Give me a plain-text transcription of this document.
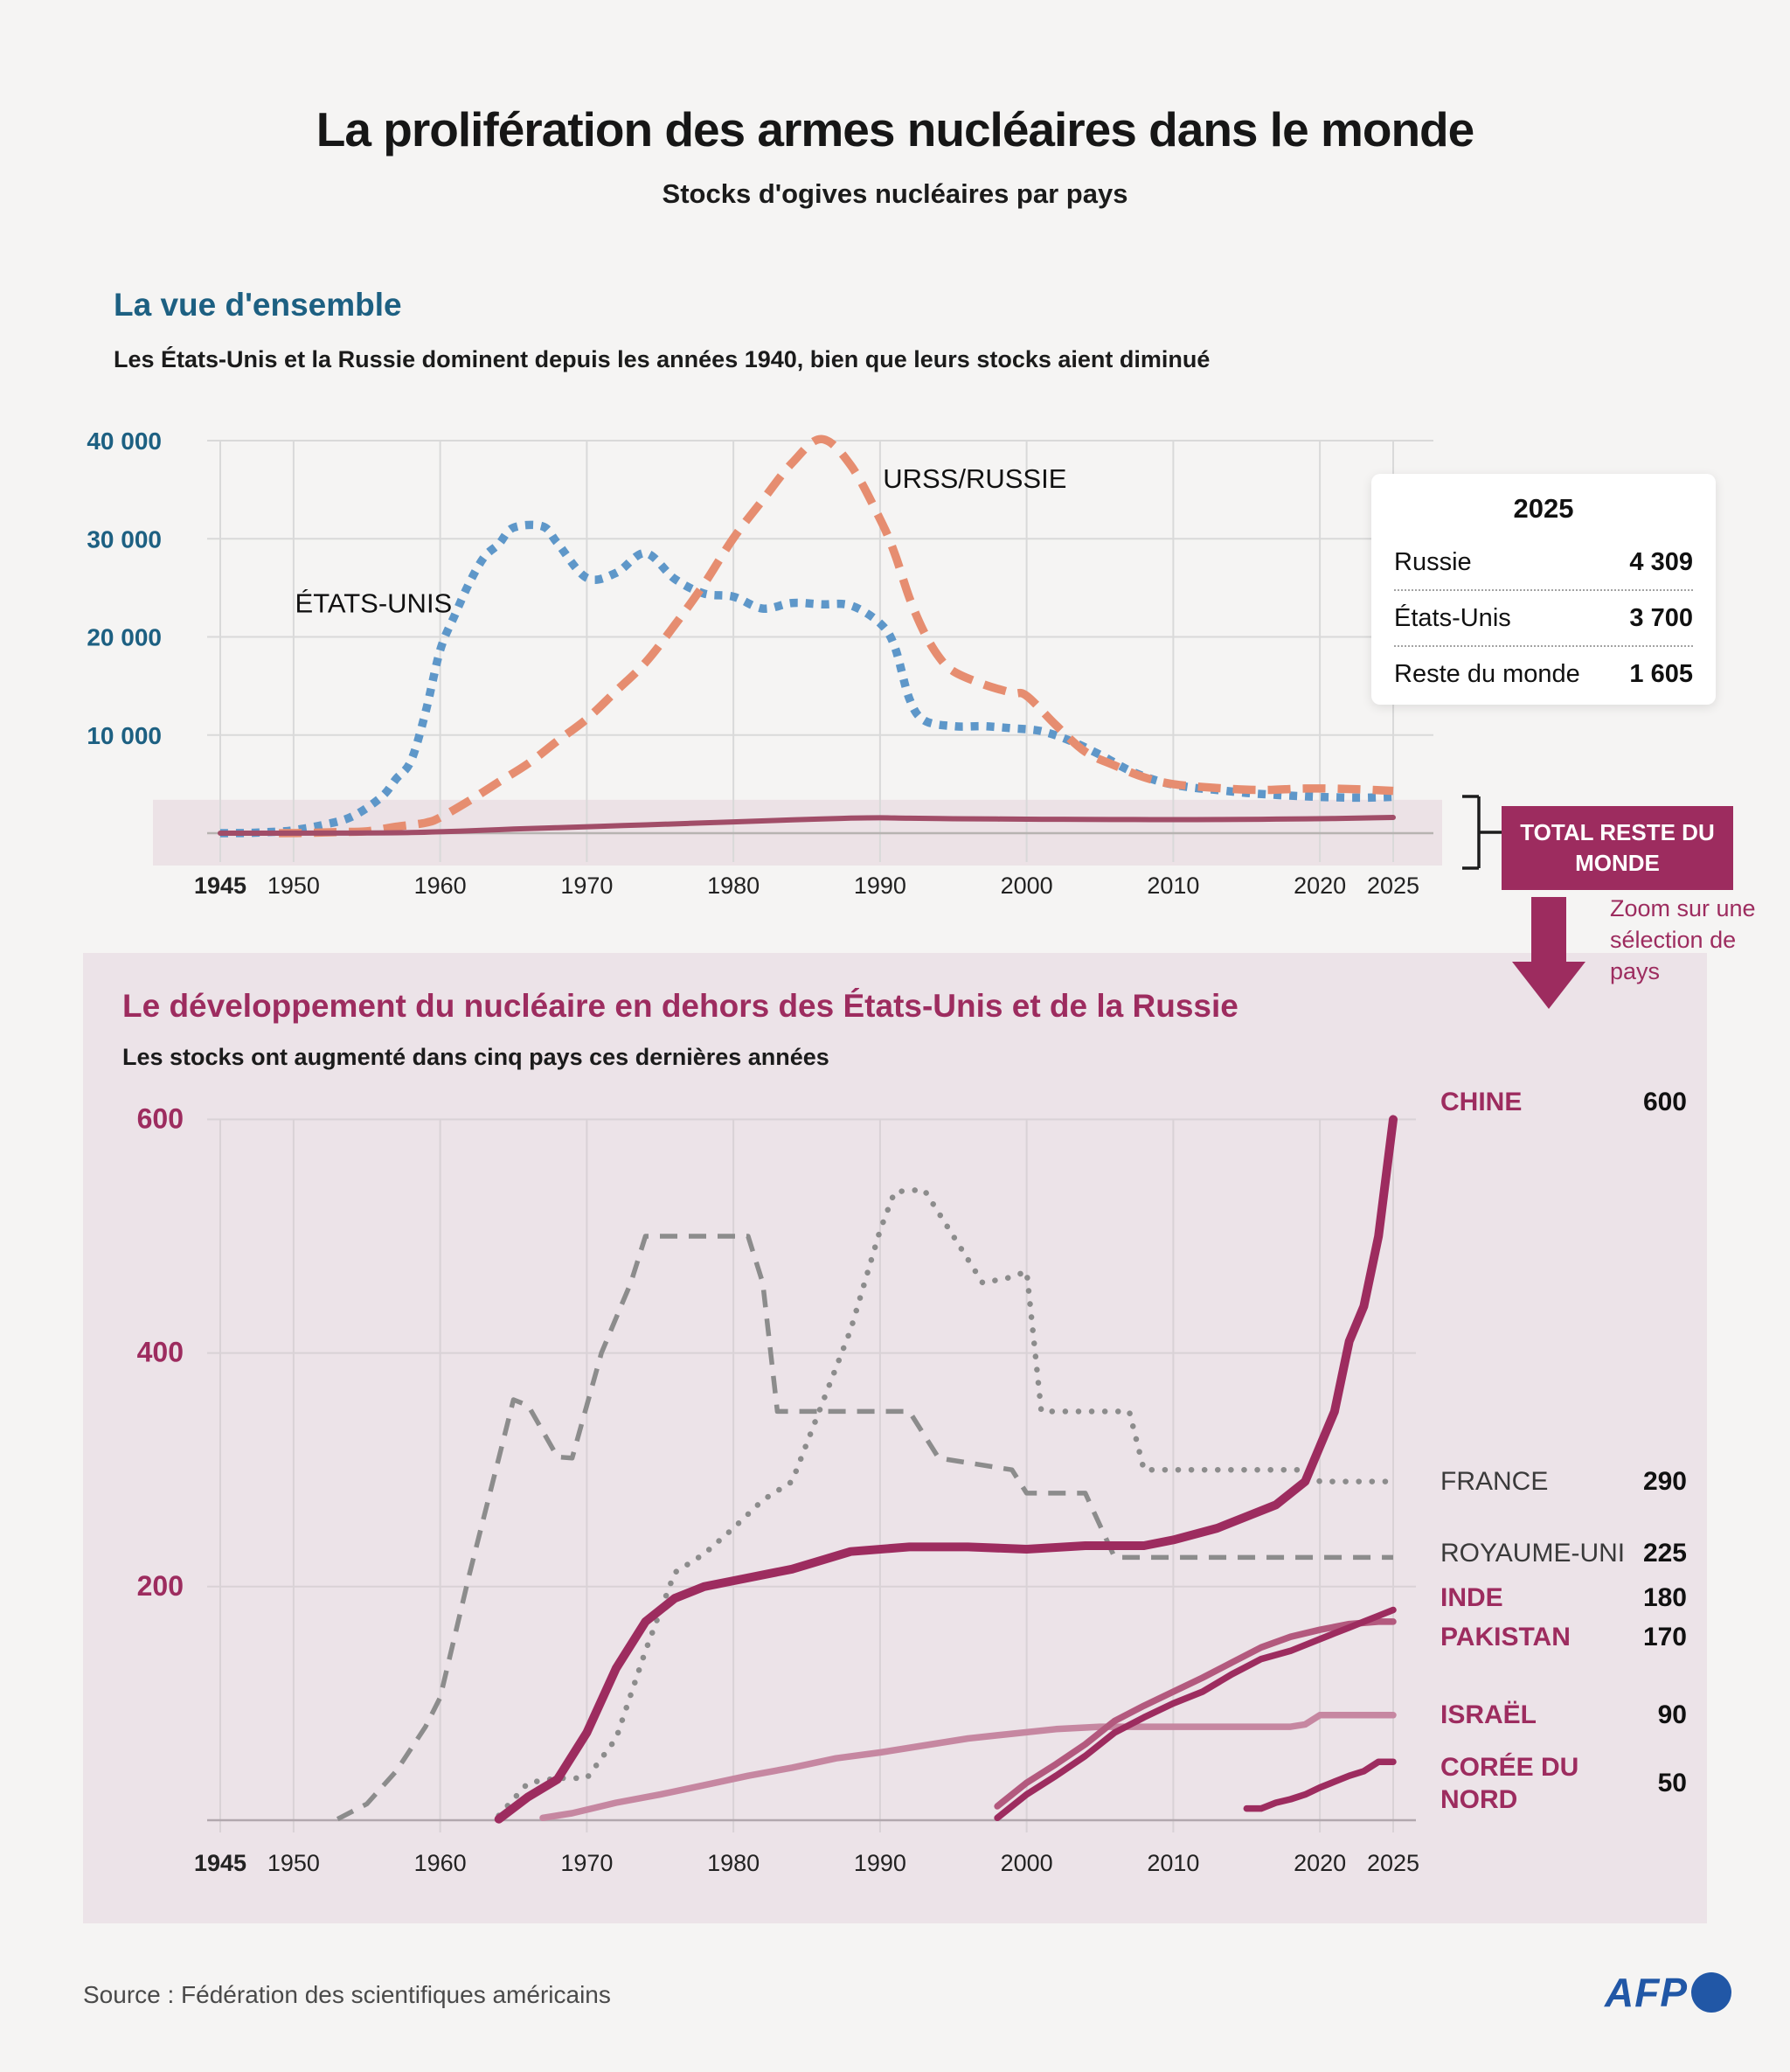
La prolifération des armes nucléaires dans le monde
Stocks d'ogives nucléaires par pays
La vue d'ensemble
Les États-Unis et la Russie dominent depuis les années 1940, bien que leurs stocks aient diminué
Le développement du nucléaire en dehors des États-Unis et de la Russie
Les stocks ont augmenté dans cinq pays ces dernières années
10 000
20 000
30 000
40 000
1945 1950	1960	1970	1980	1990	2000	2010	2020 2025
ÉTATS-UNIS
URSS/RUSSIE
200
400
600
1945 1950	1960	1970	1980	1990	2000	2010	2020 2025
2025
Russie	4 309
États-Unis	3 700
Reste du monde 1 605
TOTAL RESTE DU MONDE
Zoom sur une sélection de pays
CHINE	600
FRANCE	290
ROYAUME-UNI 225
INDE	180
PAKISTAN	170
ISRAËL	90
CORÉE DU NORD
50
Source : Fédération des scientifiques américains	AFP
